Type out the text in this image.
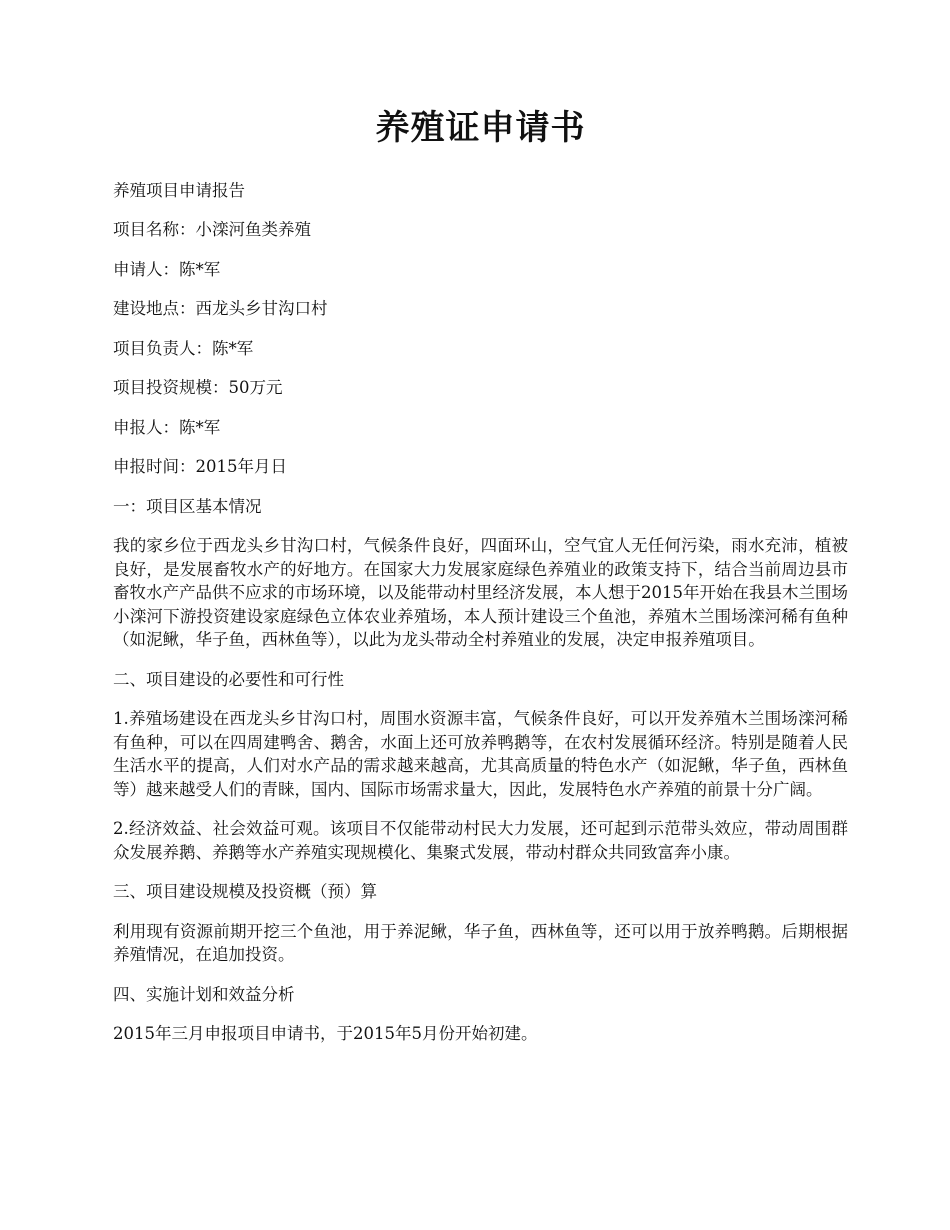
养殖证申请书

养殖项目申请报告

项目名称：小滦河鱼类养殖

申请人：陈*军

建设地点：西龙头乡甘沟口村

项目负责人：陈*军

项目投资规模：50万元

申报人：陈*军

申报时间：2015年月日

一：项目区基本情况

我的家乡位于西龙头乡甘沟口村，气候条件良好，四面环山，空气宜人无任何污染，雨水充沛，植被良好，是发展畜牧水产的好地方。在国家大力发展家庭绿色养殖业的政策支持下，结合当前周边县市畜牧水产产品供不应求的市场环境，以及能带动村里经济发展，本人想于2015年开始在我县木兰围场小滦河下游投资建设家庭绿色立体农业养殖场，本人预计建设三个鱼池，养殖木兰围场滦河稀有鱼种（如泥鳅，华子鱼，西林鱼等），以此为龙头带动全村养殖业的发展，决定申报养殖项目。

二、项目建设的必要性和可行性

1.养殖场建设在西龙头乡甘沟口村，周围水资源丰富，气候条件良好，可以开发养殖木兰围场滦河稀有鱼种，可以在四周建鸭舍、鹅舍，水面上还可放养鸭鹅等，在农村发展循环经济。特别是随着人民生活水平的提高，人们对水产品的需求越来越高，尤其高质量的特色水产（如泥鳅，华子鱼，西林鱼等）越来越受人们的青睐，国内、国际市场需求量大，因此，发展特色水产养殖的前景十分广阔。

2.经济效益、社会效益可观。该项目不仅能带动村民大力发展，还可起到示范带头效应，带动周围群众发展养鹅、养鹅等水产养殖实现规模化、集聚式发展，带动村群众共同致富奔小康。

三、项目建设规模及投资概（预）算

利用现有资源前期开挖三个鱼池，用于养泥鳅，华子鱼，西林鱼等，还可以用于放养鸭鹅。后期根据养殖情况，在追加投资。

四、实施计划和效益分析

2015年三月申报项目申请书，于2015年5月份开始初建。
